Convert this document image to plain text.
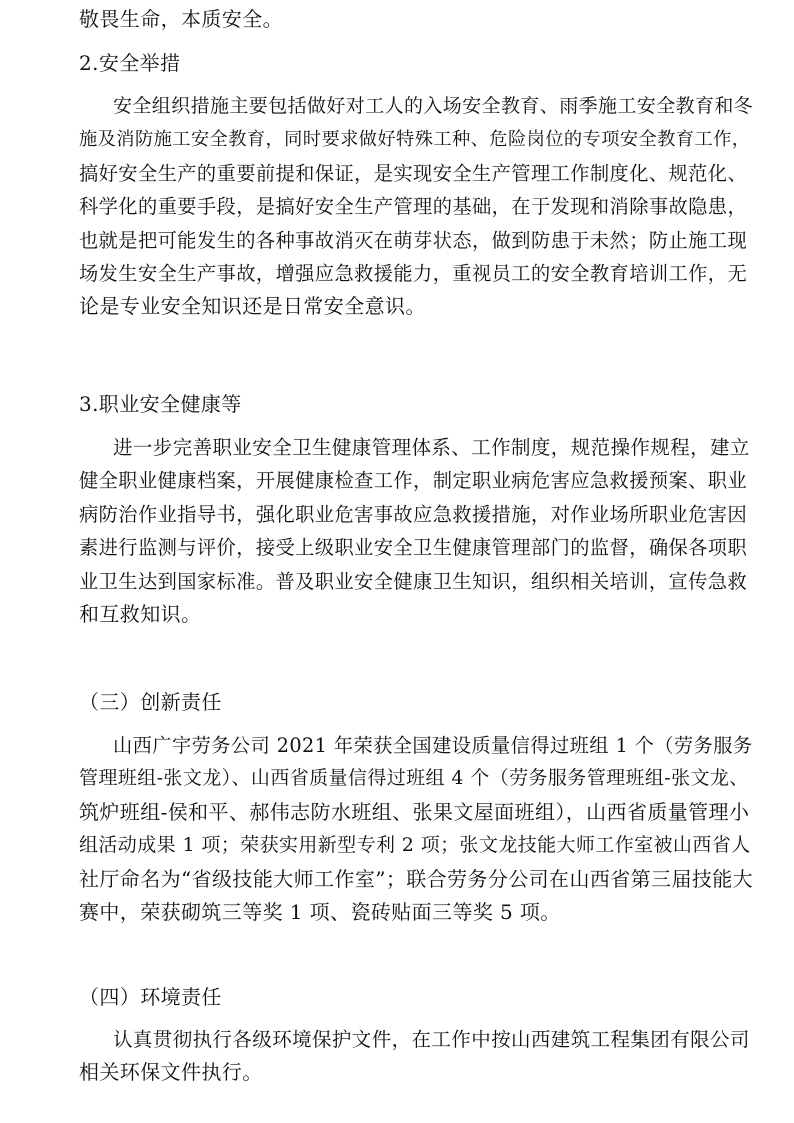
敬畏生命，本质安全。

2.安全举措

安全组织措施主要包括做好对工人的入场安全教育、雨季施工安全教育和冬
施及消防施工安全教育，同时要求做好特殊工种、危险岗位的专项安全教育工作，
搞好安全生产的重要前提和保证，是实现安全生产管理工作制度化、规范化、
科学化的重要手段，是搞好安全生产管理的基础，在于发现和消除事故隐患，
也就是把可能发生的各种事故消灭在萌芽状态，做到防患于未然；防止施工现
场发生安全生产事故，增强应急救援能力，重视员工的安全教育培训工作，无
论是专业安全知识还是日常安全意识。

3.职业安全健康等

进一步完善职业安全卫生健康管理体系、工作制度，规范操作规程，建立
健全职业健康档案，开展健康检查工作，制定职业病危害应急救援预案、职业
病防治作业指导书，强化职业危害事故应急救援措施，对作业场所职业危害因
素进行监测与评价，接受上级职业安全卫生健康管理部门的监督，确保各项职
业卫生达到国家标准。普及职业安全健康卫生知识，组织相关培训，宣传急救
和互救知识。

（三）创新责任

山西广宇劳务公司 2021 年荣获全国建设质量信得过班组 1 个（劳务服务
管理班组-张文龙）、山西省质量信得过班组 4 个（劳务服务管理班组-张文龙、
筑炉班组-侯和平、郝伟志防水班组、张果文屋面班组），山西省质量管理小
组活动成果 1 项；荣获实用新型专利 2 项；张文龙技能大师工作室被山西省人
社厅命名为“省级技能大师工作室”；联合劳务分公司在山西省第三届技能大
赛中，荣获砌筑三等奖 1 项、瓷砖贴面三等奖 5 项。

（四）环境责任

认真贯彻执行各级环境保护文件，在工作中按山西建筑工程集团有限公司
相关环保文件执行。
